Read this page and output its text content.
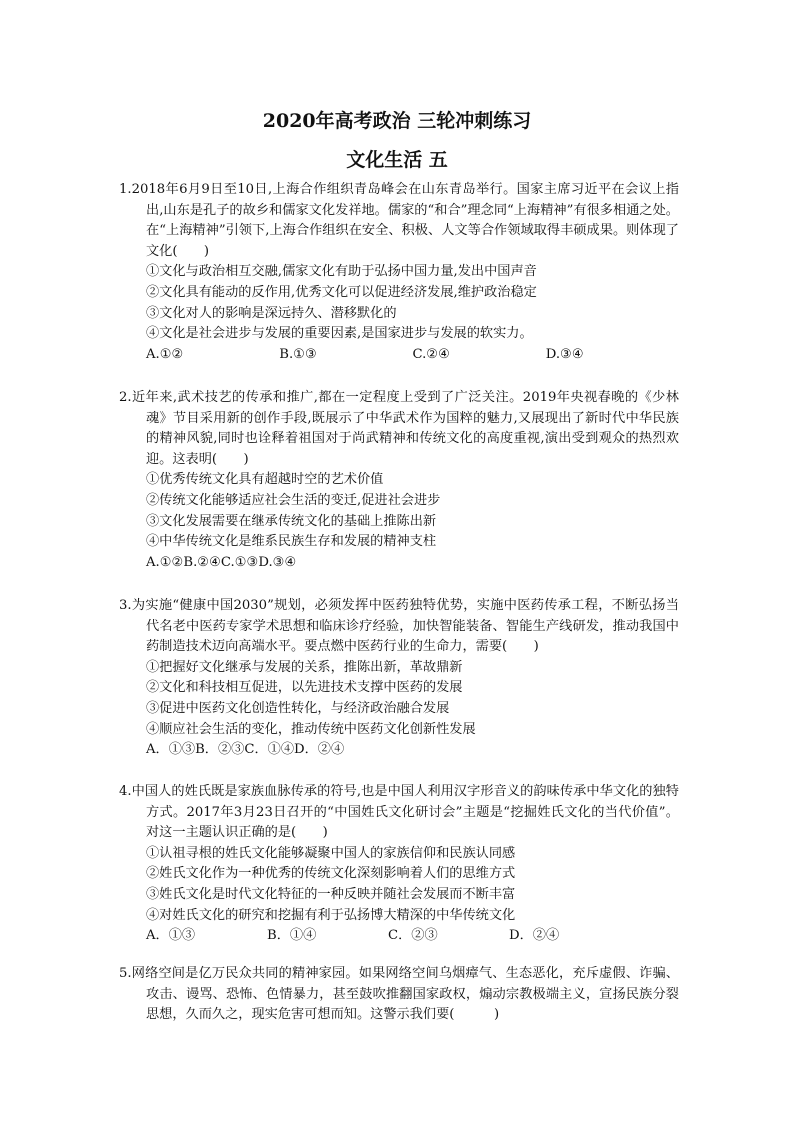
2020年高考政治 三轮冲刺练习
文化生活 五

1.2018年6月9日至10日,上海合作组织青岛峰会在山东青岛举行。国家主席习近平在会议上指出,山东是孔子的故乡和儒家文化发祥地。儒家的“和合”理念同“上海精神”有很多相通之处。在“上海精神”引领下,上海合作组织在安全、积极、人文等合作领域取得丰硕成果。则体现了文化(　　)

①文化与政治相互交融,儒家文化有助于弘扬中国力量,发出中国声音

②文化具有能动的反作用,优秀文化可以促进经济发展,维护政治稳定

③文化对人的影响是深远持久、潜移默化的

④文化是社会进步与发展的重要因素,是国家进步与发展的软实力。

A.①②	B.①③	C.②④	D.③④

2.近年来,武术技艺的传承和推广,都在一定程度上受到了广泛关注。2019年央视春晚的《少林魂》节目采用新的创作手段,既展示了中华武术作为国粹的魅力,又展现出了新时代中华民族的精神风貌,同时也诠释着祖国对于尚武精神和传统文化的高度重视,演出受到观众的热烈欢迎。这表明(　　)

①优秀传统文化具有超越时空的艺术价值

②传统文化能够适应社会生活的变迁,促进社会进步

③文化发展需要在继承传统文化的基础上推陈出新

④中华传统文化是维系民族生存和发展的精神支柱

A.①② B.②④ C.①③ D.③④

3.为实施“健康中国2030”规划，必须发挥中医药独特优势，实施中医药传承工程，不断弘扬当代名老中医药专家学术思想和临床诊疗经验，加快智能装备、智能生产线研发，推动我国中药制造技术迈向高端水平。要点燃中医药行业的生命力，需要(　　)

①把握好文化继承与发展的关系，推陈出新，革故鼎新

②文化和科技相互促进，以先进技术支撑中医药的发展

③促进中医药文化创造性转化，与经济政治融合发展

④顺应社会生活的变化，推动传统中医药文化创新性发展

A．①③ B．②③ C．①④ D．②④

4.中国人的姓氏既是家族血脉传承的符号,也是中国人利用汉字形音义的韵味传承中华文化的独特方式。2017年3月23日召开的“中国姓氏文化研讨会”主题是“挖掘姓氏文化的当代价值”。对这一主题认识正确的是(　　)

①认祖寻根的姓氏文化能够凝聚中国人的家族信仰和民族认同感

②姓氏文化作为一种优秀的传统文化深刻影响着人们的思维方式

③姓氏文化是时代文化特征的一种反映并随社会发展而不断丰富

④对姓氏文化的研究和挖掘有利于弘扬博大精深的中华传统文化

A．①③	B．①④	C．②③	D．②④

5.网络空间是亿万民众共同的精神家园。如果网络空间乌烟瘴气、生态恶化，充斥虚假、诈骗、攻击、谩骂、恐怖、色情暴力，甚至鼓吹推翻国家政权，煽动宗教极端主义，宣扬民族分裂思想，久而久之，现实危害可想而知。这警示我们要(　　　)
